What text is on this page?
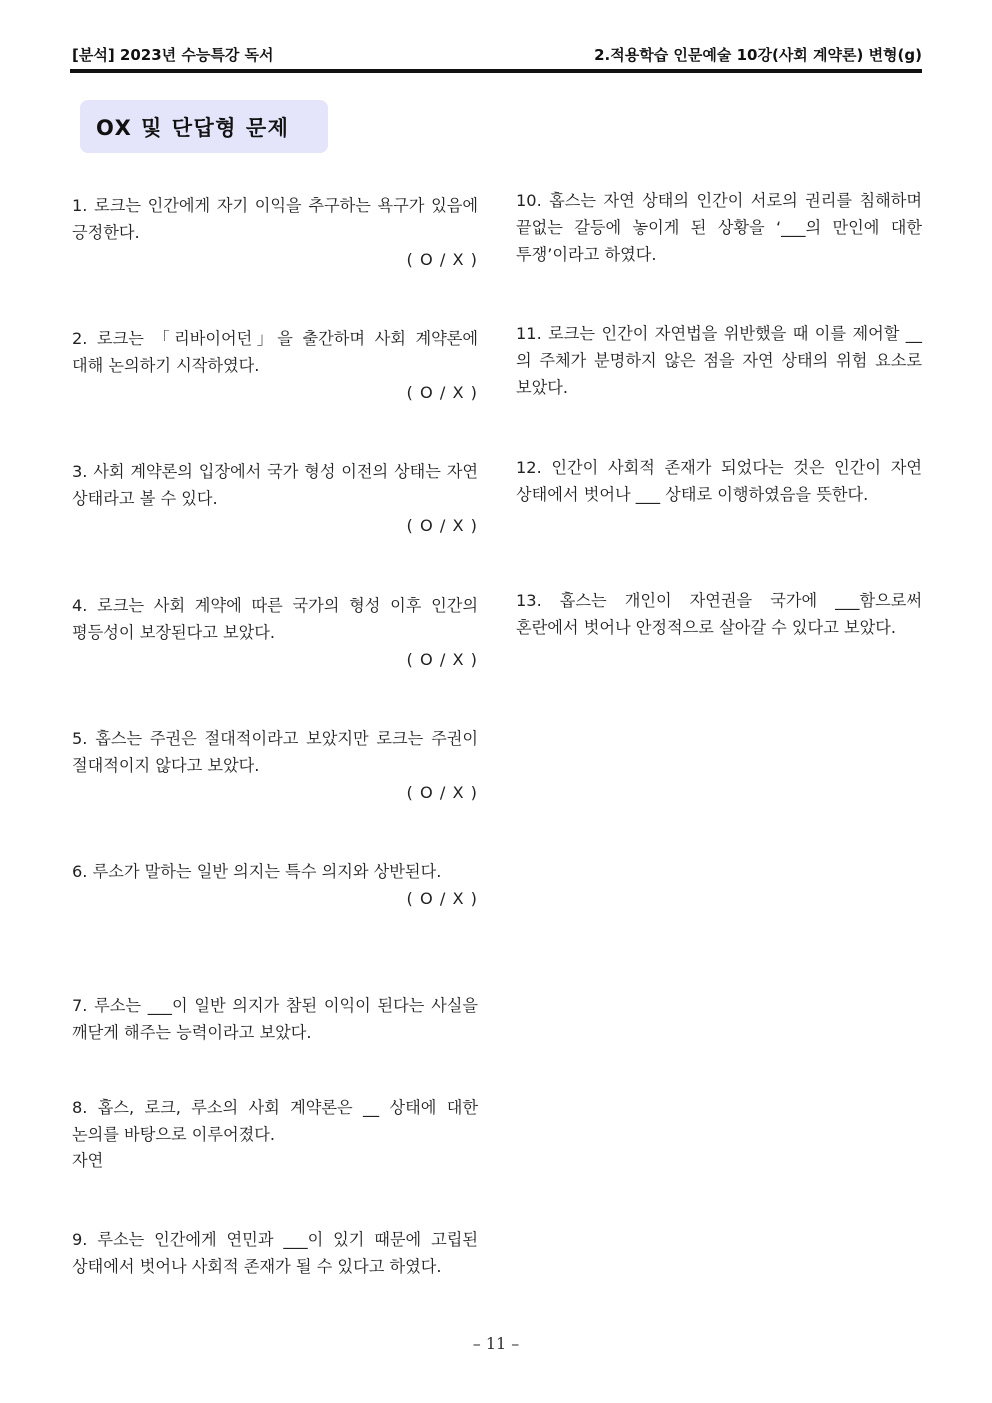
[분석] 2023년 수능특강 독서	2.적용학습 인문예술 10강(사회 계약론) 변형(g)
OX 및 단답형 문제
1. 로크는 인간에게 자기 이익을 추구하는 욕구가 있음에 긍정한다.
( O / X )
2. 로크는 「리바이어던」을 출간하며 사회 계약론에 대해 논의하기 시작하였다.
( O / X )
3. 사회 계약론의 입장에서 국가 형성 이전의 상태는 자연 상태라고 볼 수 있다.
( O / X )
4. 로크는 사회 계약에 따른 국가의 형성 이후 인간의 평등성이 보장된다고 보았다.
( O / X )
5. 홉스는 주권은 절대적이라고 보았지만 로크는 주권이 절대적이지 않다고 보았다.
( O / X )
6. 루소가 말하는 일반 의지는 특수 의지와 상반된다.
( O / X )
7. 루소는 ___이 일반 의지가 참된 이익이 된다는 사실을 깨닫게 해주는 능력이라고 보았다.
8. 홉스, 로크, 루소의 사회 계약론은 __ 상태에 대한 논의를 바탕으로 이루어졌다.
자연
9. 루소는 인간에게 연민과 ___이 있기 때문에 고립된 상태에서 벗어나 사회적 존재가 될 수 있다고 하였다.
10. 홉스는 자연 상태의 인간이 서로의 권리를 침해하며 끝없는 갈등에 놓이게 된 상황을 ‘___의 만인에 대한 투쟁’이라고 하였다.
11. 로크는 인간이 자연법을 위반했을 때 이를 제어할 __의 주체가 분명하지 않은 점을 자연 상태의 위험 요소로 보았다.
12. 인간이 사회적 존재가 되었다는 것은 인간이 자연 상태에서 벗어나 ___ 상태로 이행하였음을 뜻한다.
13. 홉스는 개인이 자연권을 국가에 ___함으로써 혼란에서 벗어나 안정적으로 살아갈 수 있다고 보았다.
– 11 –
